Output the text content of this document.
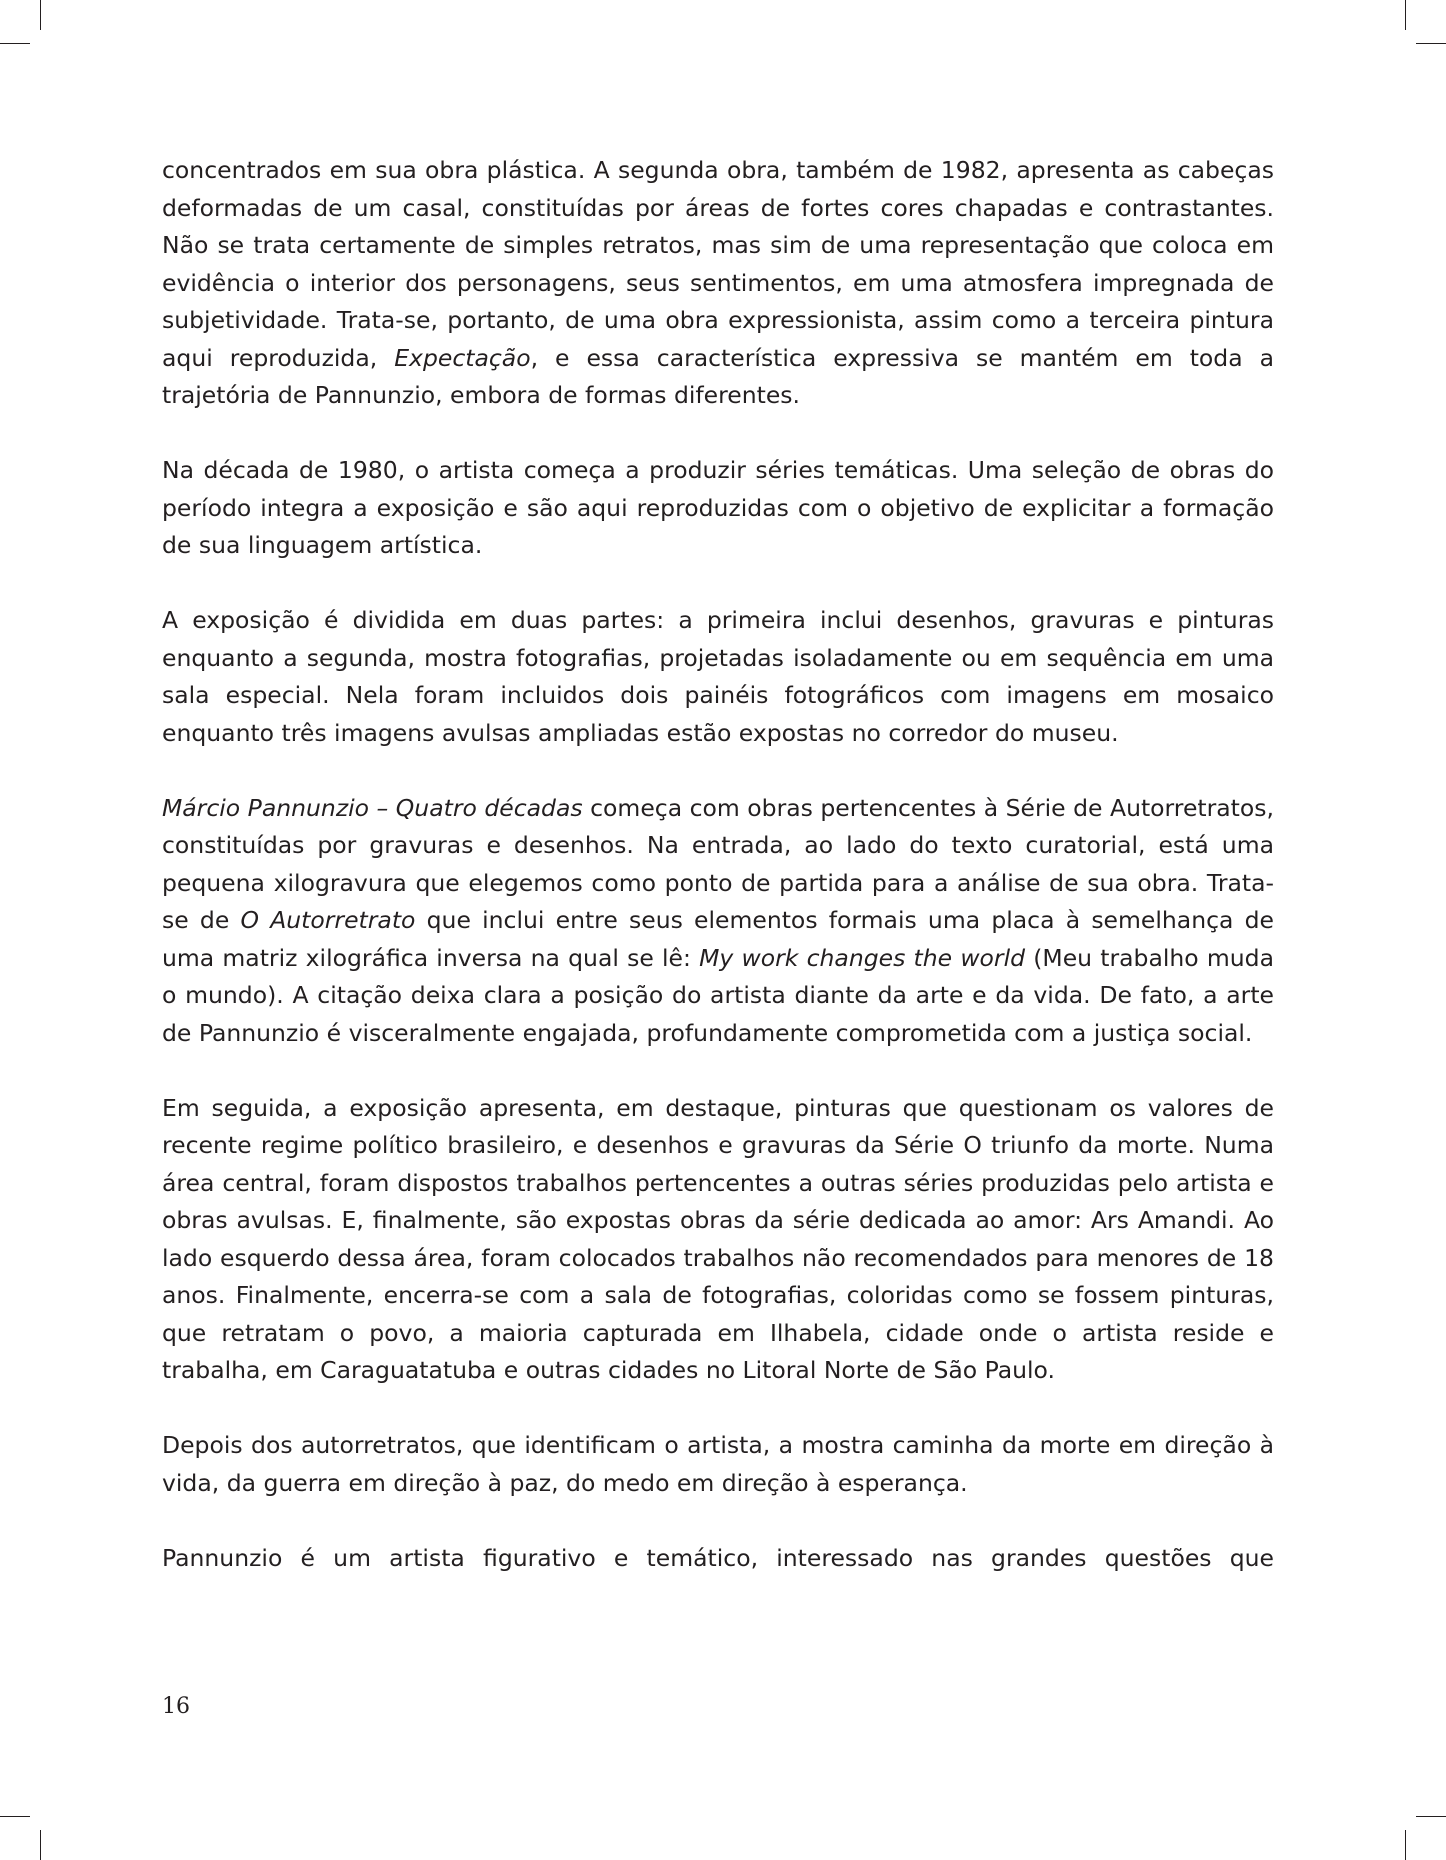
concentrados em sua obra plástica. A segunda obra, também de 1982, apresenta as cabeças deformadas de um casal, constituídas por áreas de fortes cores chapadas e contrastantes. Não se trata certamente de simples retratos, mas sim de uma representação que coloca em evidência o interior dos personagens, seus sentimentos, em uma atmosfera impregnada de subjetividade. Trata-se, portanto, de uma obra expressionista, assim como a terceira pintura aqui reproduzida, Expectação, e essa característica expressiva se mantém em toda a trajetória de Pannunzio, embora de formas diferentes.

Na década de 1980, o artista começa a produzir séries temáticas. Uma seleção de obras do período integra a exposição e são aqui reproduzidas com o objetivo de explicitar a formação de sua linguagem artística.

A exposição é dividida em duas partes: a primeira inclui desenhos, gravuras e pinturas enquanto a segunda, mostra fotografias, projetadas isoladamente ou em sequência em uma sala especial. Nela foram incluidos dois painéis fotográficos com imagens em mosaico enquanto três imagens avulsas ampliadas estão expostas no corredor do museu.

Márcio Pannunzio – Quatro décadas começa com obras pertencentes à Série de Autorretratos, constituídas por gravuras e desenhos. Na entrada, ao lado do texto curatorial, está uma pequena xilogravura que elegemos como ponto de partida para a análise de sua obra. Trata-se de O Autorretrato que inclui entre seus elementos formais uma placa à semelhança de uma matriz xilográfica inversa na qual se lê: My work changes the world (Meu trabalho muda o mundo). A citação deixa clara a posição do artista diante da arte e da vida. De fato, a arte de Pannunzio é visceralmente engajada, profundamente comprometida com a justiça social.

Em seguida, a exposição apresenta, em destaque, pinturas que questionam os valores de recente regime político brasileiro, e desenhos e gravuras da Série O triunfo da morte. Numa área central, foram dispostos trabalhos pertencentes a outras séries produzidas pelo artista e obras avulsas. E, finalmente, são expostas obras da série dedicada ao amor: Ars Amandi. Ao lado esquerdo dessa área, foram colocados trabalhos não recomendados para menores de 18 anos. Finalmente, encerra-se com a sala de fotografias, coloridas como se fossem pinturas, que retratam o povo, a maioria capturada em Ilhabela, cidade onde o artista reside e trabalha, em Caraguatatuba e outras cidades no Litoral Norte de São Paulo.

Depois dos autorretratos, que identificam o artista, a mostra caminha da morte em direção à vida, da guerra em direção à paz, do medo em direção à esperança.

Pannunzio é um artista figurativo e temático, interessado nas grandes questões que

16
